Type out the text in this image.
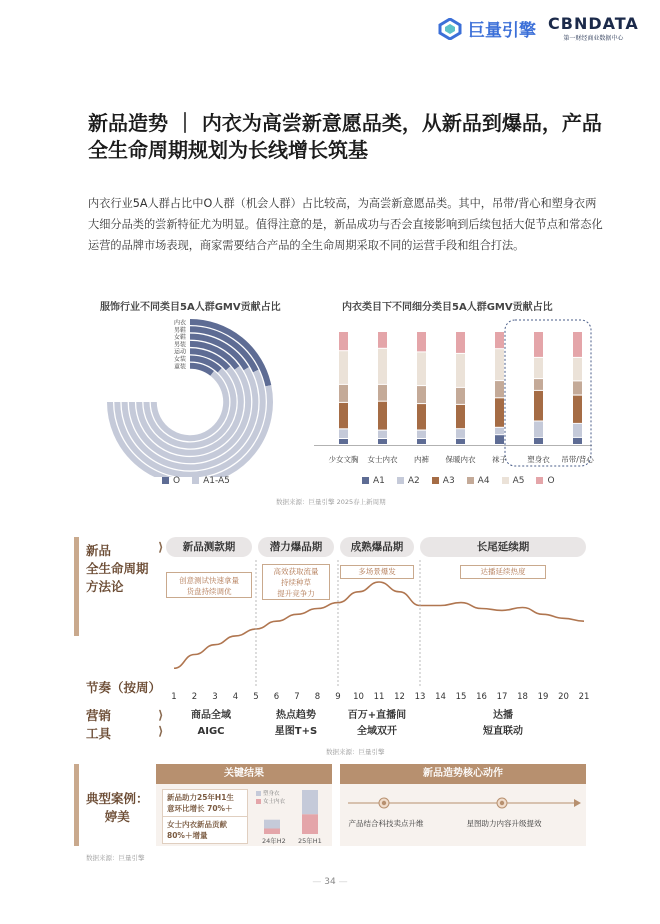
巨量引擎 CBNDATA
第一财经商业数据中心
新品造势 ｜ 内衣为高尝新意愿品类，从新品到爆品，产品全生命周期规划为长线增长筑基
内衣行业5A人群占比中O人群（机会人群）占比较高，为高尝新意愿品类。其中，吊带/背心和塑身衣两大细分品类的尝新特征尤为明显。值得注意的是，新品成功与否会直接影响到后续包括大促节点和常态化运营的品牌市场表现，商家需要结合产品的全生命周期采取不同的运营手段和组合打法。
服饰行业不同类目5A人群GMV贡献占比
内衣
男鞋
女鞋
男装
运动
女装
童装
O	A1-A5
内衣类目下不同细分类目5A人群GMV贡献占比
少女文胸 女士内衣 内裤 保暖内衣 袜子	塑身衣 吊带/背心
A1	A2	A3	A4	A5	O
数据来源：巨量引擎 2025春上新周期
新品
全生命周期
方法论
⟩	新品测款期	潜力爆品期	成熟爆品期	长尾延续期
创意测试快速拿量
货盘持续调优
高效获取流量
持续种草
提升竞争力
多场景爆发	达播延续热度
节奏（按周）
1	2	3	4	5	6	7	8	9	10	11	12	13	14	15	16	17	18	19	20	21
营销
工具
⟩
⟩
商品全域
AIGC
热点趋势
星图T+S
百万+直播间
全域双开
达播
短直联动
数据来源：巨量引擎
典型案例：
婷美
关键结果
新品助力25年H1生
意环比增长 70%＋
女士内衣新品贡献
80%＋增量
塑身衣
女士内衣
24年H2 25年H1
新品造势核心动作
产品结合科技卖点升维	星图助力内容升级提效
数据来源：巨量引擎
— 34 —
